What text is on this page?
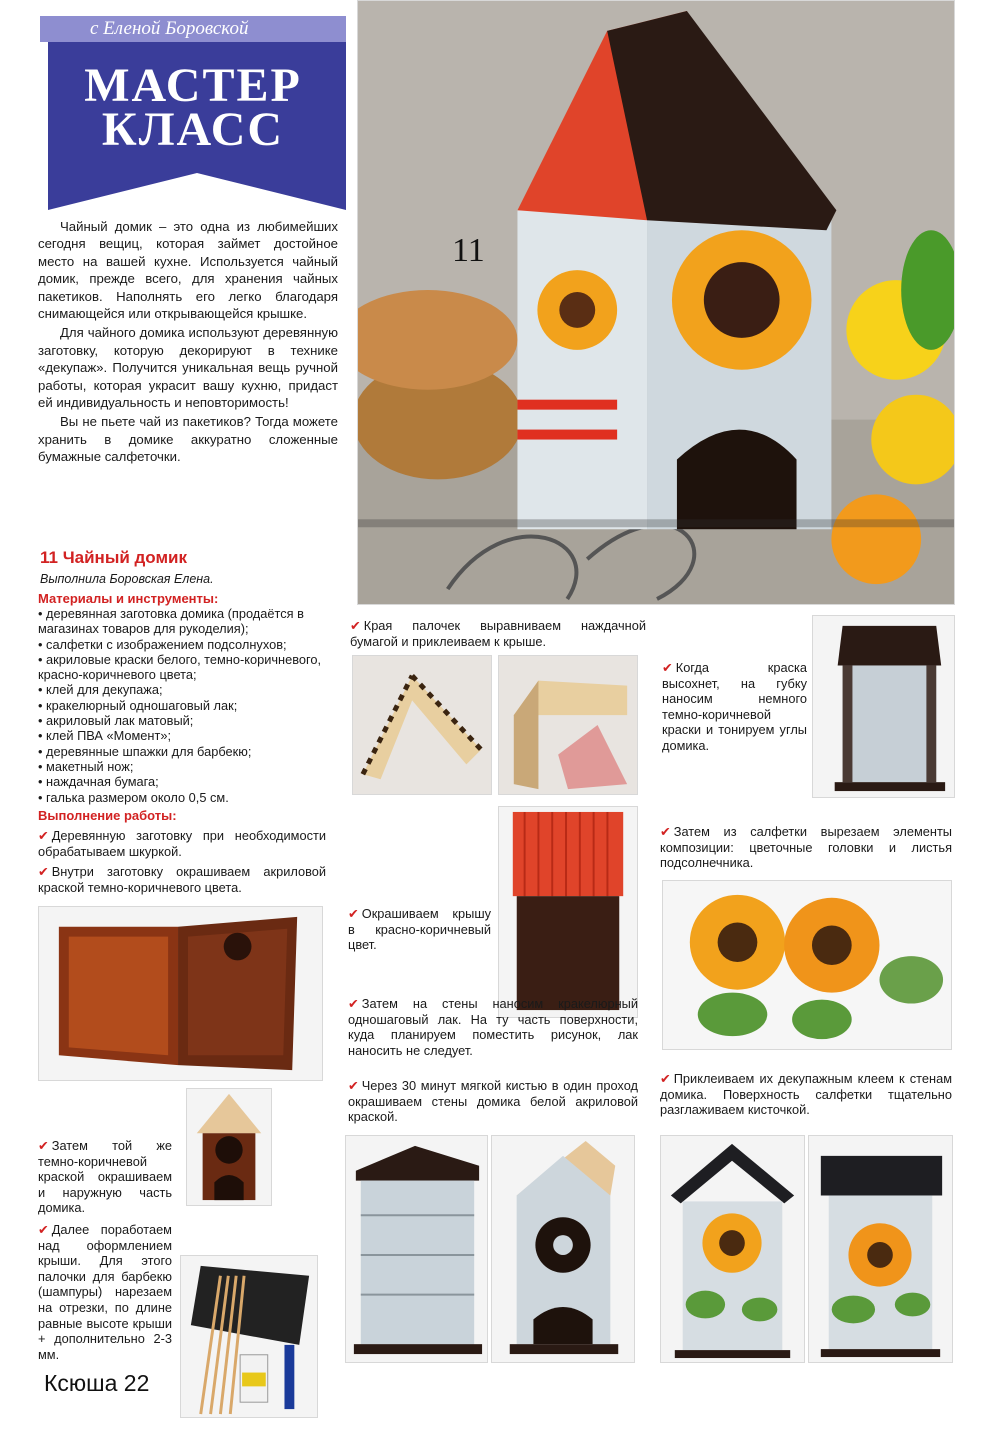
с Еленой Боровской
МАСТЕР
КЛАСС

Чайный домик – это одна из любимейших сегодня вещиц, которая займет достойное место на вашей кухне. Используется чайный домик, прежде всего, для хранения чайных пакетиков. Наполнять его легко благодаря снимающейся или открывающейся крышке.

Для чайного домика используют деревянную заготовку, которую декорируют в технике «декупаж». Получится уникальная вещь ручной работы, которая украсит вашу кухню, придаст ей индивидуальность и неповторимость!

Вы не пьете чай из пакетиков? Тогда можете хранить в домике аккуратно сложенные бумажные салфеточки.

11
11 Чайный домик
Выполнила Боровская Елена.
Материалы и инструменты:
• деревянная заготовка домика (продаётся в магазинах товаров для рукоделия);
• салфетки с изображением подсолнухов;
• акриловые краски белого, темно-коричневого, красно-коричневого цвета;
• клей для декупажа;
• кракелюрный одношаговый лак;
• акриловый лак матовый;
• клей ПВА «Момент»;
• деревянные шпажки для барбекю;
• макетный нож;
• наждачная бумага;
• галька размером около 0,5 см.
Выполнение работы:
✔ Деревянную заготовку при необходимости обрабатываем шкуркой.
✔ Внутри заготовку окрашиваем акриловой краской темно-коричневого цвета.
✔ Затем той же темно-коричневой краской окрашиваем и наружную часть домика.
✔ Далее поработаем над оформлением крыши. Для этого палочки для барбекю (шампуры) нарезаем на отрезки, по длине равные высоте крыши + дополнительно 2-3 мм.
✔ Края палочек выравниваем наждачной бумагой и приклеиваем к крыше.
✔ Окрашиваем крышу в красно-коричневый цвет.
✔ Затем на стены наносим кракелюрный одношаговый лак. На ту часть поверхности, куда планируем поместить рисунок, лак наносить не следует.
✔ Через 30 минут мягкой кистью в один проход окрашиваем стены домика белой акриловой краской.
✔ Когда краска высохнет, на губку наносим немного темно-коричневой краски и тонируем углы домика.
✔ Затем из салфетки вырезаем элементы композиции: цветочные головки и листья подсолнечника.
✔ Приклеиваем их декупажным клеем к стенам домика. Поверхность салфетки тщательно разглаживаем кисточкой.
Ксюша 22
